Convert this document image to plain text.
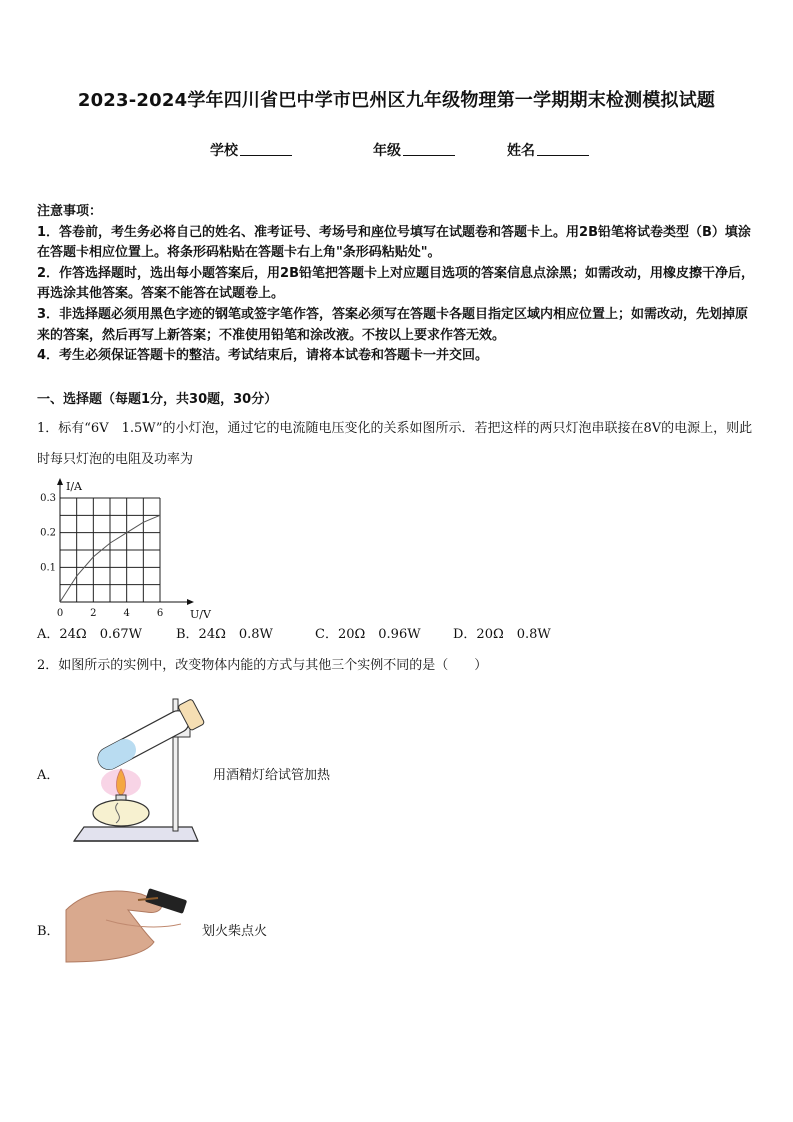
2023-2024学年四川省巴中学市巴州区九年级物理第一学期期末检测模拟试题
学校	年级	姓名

注意事项：

1．答卷前，考生务必将自己的姓名、准考证号、考场号和座位号填写在试题卷和答题卡上。用2B铅笔将试卷类型（B）填涂在答题卡相应位置上。将条形码粘贴在答题卡右上角"条形码粘贴处"。

2．作答选择题时，选出每小题答案后，用2B铅笔把答题卡上对应题目选项的答案信息点涂黑；如需改动，用橡皮擦干净后，再选涂其他答案。答案不能答在试题卷上。

3．非选择题必须用黑色字迹的钢笔或签字笔作答，答案必须写在答题卡各题目指定区域内相应位置上；如需改动，先划掉原来的答案，然后再写上新答案；不准使用铅笔和涂改液。不按以上要求作答无效。

4．考生必须保证答题卡的整洁。考试结束后，请将本试卷和答题卡一并交回。

一、选择题（每题1分，共30题，30分）
1．标有“6V　1.5W”的小灯泡，通过它的电流随电压变化的关系如图所示．若把这样的两只灯泡串联接在8V的电源上，则此时每只灯泡的电阻及功率为
0	2	4	6
0.1
0.2
0.3
I/A
U/V
A．24Ω　0.67W	B．24Ω　0.8W	C．20Ω　0.96W D．20Ω　0.8W
2．如图所示的实例中，改变物体内能的方式与其他三个实例不同的是（　　）
A．	用酒精灯给试管加热
B．	划火柴点火
